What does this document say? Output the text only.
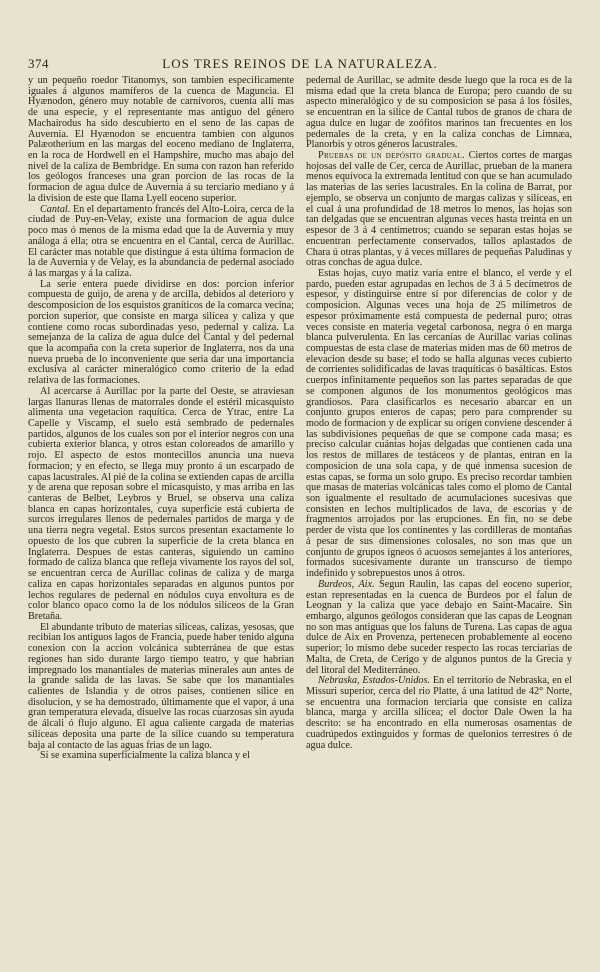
374	LOS TRES REINOS DE LA NATURALEZA.

y un pequeño roedor Titanomys, son tambien especificamente iguales á algunos mamíferos de la cuenca de Maguncia. El Hyænodon, género muy notable de carnívoros, cuenta allí mas de una especie, y el representante mas antiguo del género Machairodus ha sido descubierto en el seno de las capas de Auvernia. El Hyænodon se encuentra tambien con algunos Palæotherium en las margas del eoceno mediano de Inglaterra, en la roca de Hordwell en el Hampshire, mucho mas abajo del nivel de la caliza de Bembridge. En suma con razon han referido los geólogos franceses una gran porcion de las rocas de la formacion de agua dulce de Auvernia á su terciario mediano y á la division de este que llama Lyell eoceno superior.

Cantal. En el departamento francés del Alto-Loira, cerca de la ciudad de Puy-en-Velay, existe una formacion de agua dulce poco mas ó menos de la misma edad que la de Auvernia y muy análoga á ella; otra se encuentra en el Cantal, cerca de Aurillac. El carácter mas notable que distingue á esta última formacion de la de Auvernia y de Velay, es la abundancia de pedernal asociado á las margas y á la caliza.

La serie entera puede dividirse en dos: porcion inferior compuesta de guijo, de arena y de arcilla, debidos al deterioro y descomposicion de los esquistos graníticos de la comarca vecina; porcion superior, que consiste en marga silícea y caliza y que contiene como rocas subordinadas yeso, pedernal y caliza. La semejanza de la caliza de agua dulce del Cantal y del pedernal que la acompaña con la creta superior de Inglaterra, nos da una nueva prueba de lo inconveniente que seria dar una importancia exclusiva al carácter mineralógico como criterio de la edad relativa de las formaciones.

Al acercarse á Aurillac por la parte del Oeste, se atraviesan largas llanuras llenas de matorrales donde el estéril micasquisto alimenta una vegetacion raquítica. Cerca de Ytrac, entre La Capelle y Viscamp, el suelo está sembrado de pedernales partidos, algunos de los cuales son por el interior negros con una cubierta exterior blanca, y otros estan coloreados de amarillo y rojo. El aspecto de estos montecillos anuncia una nueva formacion; y en efecto, se llega muy pronto á un escarpado de capas lacustrales. Al pié de la colina se extienden capas de arcilla y de arena que reposan sobre el micasquisto, y mas arriba en las canteras de Belbet, Leybros y Bruel, se observa una caliza blanca en capas horizontales, cuya superficie está cubierta de surcos irregulares llenos de pedernales partidos de marga y de una tierra negra vegetal. Estos surcos presentan exactamente lo opuesto de los que cubren la superficie de la creta blanca en Inglaterra. Despues de estas canteras, siguiendo un camino formado de caliza blanca que refleja vivamente los rayos del sol, se encuentran cerca de Aurillac colinas de caliza y de marga caliza en capas horizontales separadas en algunos puntos por lechos regulares de pedernal en nódulos cuya envoltura es de color blanco opaco como la de los nódulos silíceos de la Gran Bretaña.

El abundante tributo de materias silíceas, calizas, yesosas, que recibian los antiguos lagos de Francia, puede haber tenido alguna conexion con la accion volcánica subterránea de que estas regiones han sido durante largo tiempo teatro, y que habrian impregnado los manantiales de materias minerales aun antes de la grande salida de las lavas. Se sabe que los manantiales calientes de Islandia y de otros paises, contienen sílice en disolucion, y se ha demostrado, últimamente que el vapor, á una gran temperatura elevada, disuelve las rocas cuarzosas sin ayuda de álcali ó flujo alguno. El agua caliente cargada de materias silíceas deposita una parte de la sílice cuando su temperatura baja al contacto de las aguas frias de un lago.

Si se examina superficialmente la caliza blanca y el

pedernal de Aurillac, se admite desde luego que la roca es de la misma edad que la creta blanca de Europa; pero cuando de su aspecto mineralógico y de su composicion se pasa á los fósiles, se encuentran en la silice de Cantal tubos de granos de chara de agua dulce en lugar de zoófitos marinos tan frecuentes en los pedernales de la creta, y en la caliza conchas de Limnæa, Planorbis y otros géneros lacustrales.

Pruebas de un depósito gradual. Ciertos cortes de margas hojosas del valle de Cer, cerca de Aurillac, prueban de la manera menos equívoca la extremada lentitud con que se han acumulado las materias de las series lacustrales. En la colina de Barrat, por ejemplo, se observa un conjunto de margas calizas y silíceas, en el cual á una profundidad de 18 metros lo menos, las hojas son tan delgadas que se encuentran algunas veces hasta treinta en un espesor de 3 á 4 centímetros; cuando se separan estas hojas se encuentran perfectamente conservados, tallos aplastados de Chara ú otras plantas, y á veces millares de pequeñas Paludinas y otras conchas de agua dulce.

Estas hojas, cuyo matiz varía entre el blanco, el verde y el pardo, pueden estar agrupadas en lechos de 3 á 5 decímetros de espesor, y distinguirse entre sí por diferencias de color y de composicion. Algunas veces una hoja de 25 milímetros de espesor próximamente está compuesta de pedernal puro; otras veces consiste en materia vegetal carbonosa, negra ó en marga blanca pulverulenta. En las cercanías de Aurillac varias colinas compuestas de esta clase de materias miden mas de 60 metros de elevacion desde su base; el todo se halla algunas veces cubierto de corrientes solidificadas de lavas traquíticas ó basálticas. Estos cuerpos infinitamente pequeños son las partes separadas de que se componen algunos de los monumentos geológicos mas grandiosos. Para clasificarlos es necesario abarcar en un conjunto grupos enteros de capas; pero para comprender su modo de formacion y de explicar su orígen conviene descender á las subdivisiones pequeñas de que se compone cada masa; es preciso calcular cuántas hojas delgadas que contienen cada una los restos de millares de testáceos y de plantas, entran en la composicion de una sola capa, y de qué inmensa sucesion de estas capas, se forma un solo grupo. Es preciso recordar tambien que masas de materias volcánicas tales como el plomo de Cantal son igualmente el resultado de acumulaciones sucesivas que consisten en lechos multiplicados de lava, de escorias y de fragmentos arrojados por las erupciones. En fin, no se debe perder de vista que los continentes y las cordilleras de montañas á pesar de sus dimensiones colosales, no son mas que un conjunto de grupos ígneos ó acuosos semejantes á los anteriores, formados sucesivamente durante un transcurso de tiempo indefinido y sobrepuestos unos á otros.

Burdeos, Aix. Segun Raulin, las capas del eoceno superior, estan representadas en la cuenca de Burdeos por el falun de Leognan y la caliza que yace debajo en Saint-Macaire. Sin embargo, algunos geólogos consideran que las capas de Leognan no son mas antiguas que los faluns de Turena. Las capas de agua dulce de Aix en Provenza, pertenecen probablemente al eoceno superior; lo mismo debe suceder respecto las rocas terciarias de Malta, de Creta, de Cerigo y de algunos puntos de la Grecia y del litoral del Mediterráneo.

Nebraska, Estados-Unidos. En el territorio de Nebraska, en el Missuri superior, cerca del rio Platte, á una latitud de 42° Norte, se encuentra una formacion terciaria que consiste en caliza blanca, marga y arcilla silícea; el doctor Dale Owen la ha descrito: se ha encontrado en ella numerosas osamentas de cuadrúpedos extinguidos y formas de quelonios terrestres ó de agua dulce.
